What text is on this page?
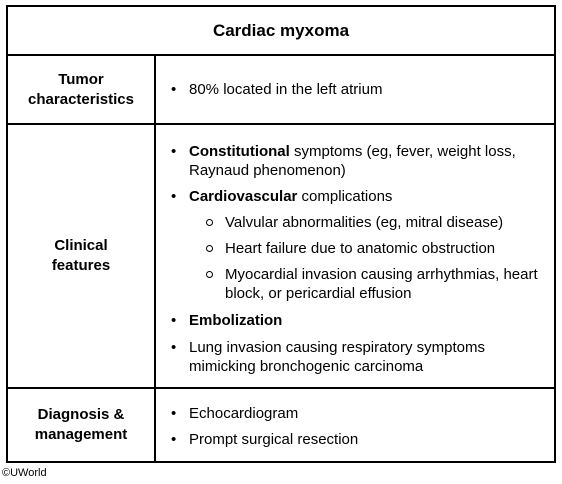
Cardiac myxoma
Tumor
characteristics
• 80% located in the left atrium
Clinical
features
• Constitutional symptoms (eg, fever, weight loss, Raynaud phenomenon)
• Cardiovascular complications
Valvular abnormalities (eg, mitral disease)
Heart failure due to anatomic obstruction
Myocardial invasion causing arrhythmias, heart block, or pericardial effusion
• Embolization
• Lung invasion causing respiratory symptoms mimicking bronchogenic carcinoma
Diagnosis &
management
• Echocardiogram
• Prompt surgical resection
©UWorld
